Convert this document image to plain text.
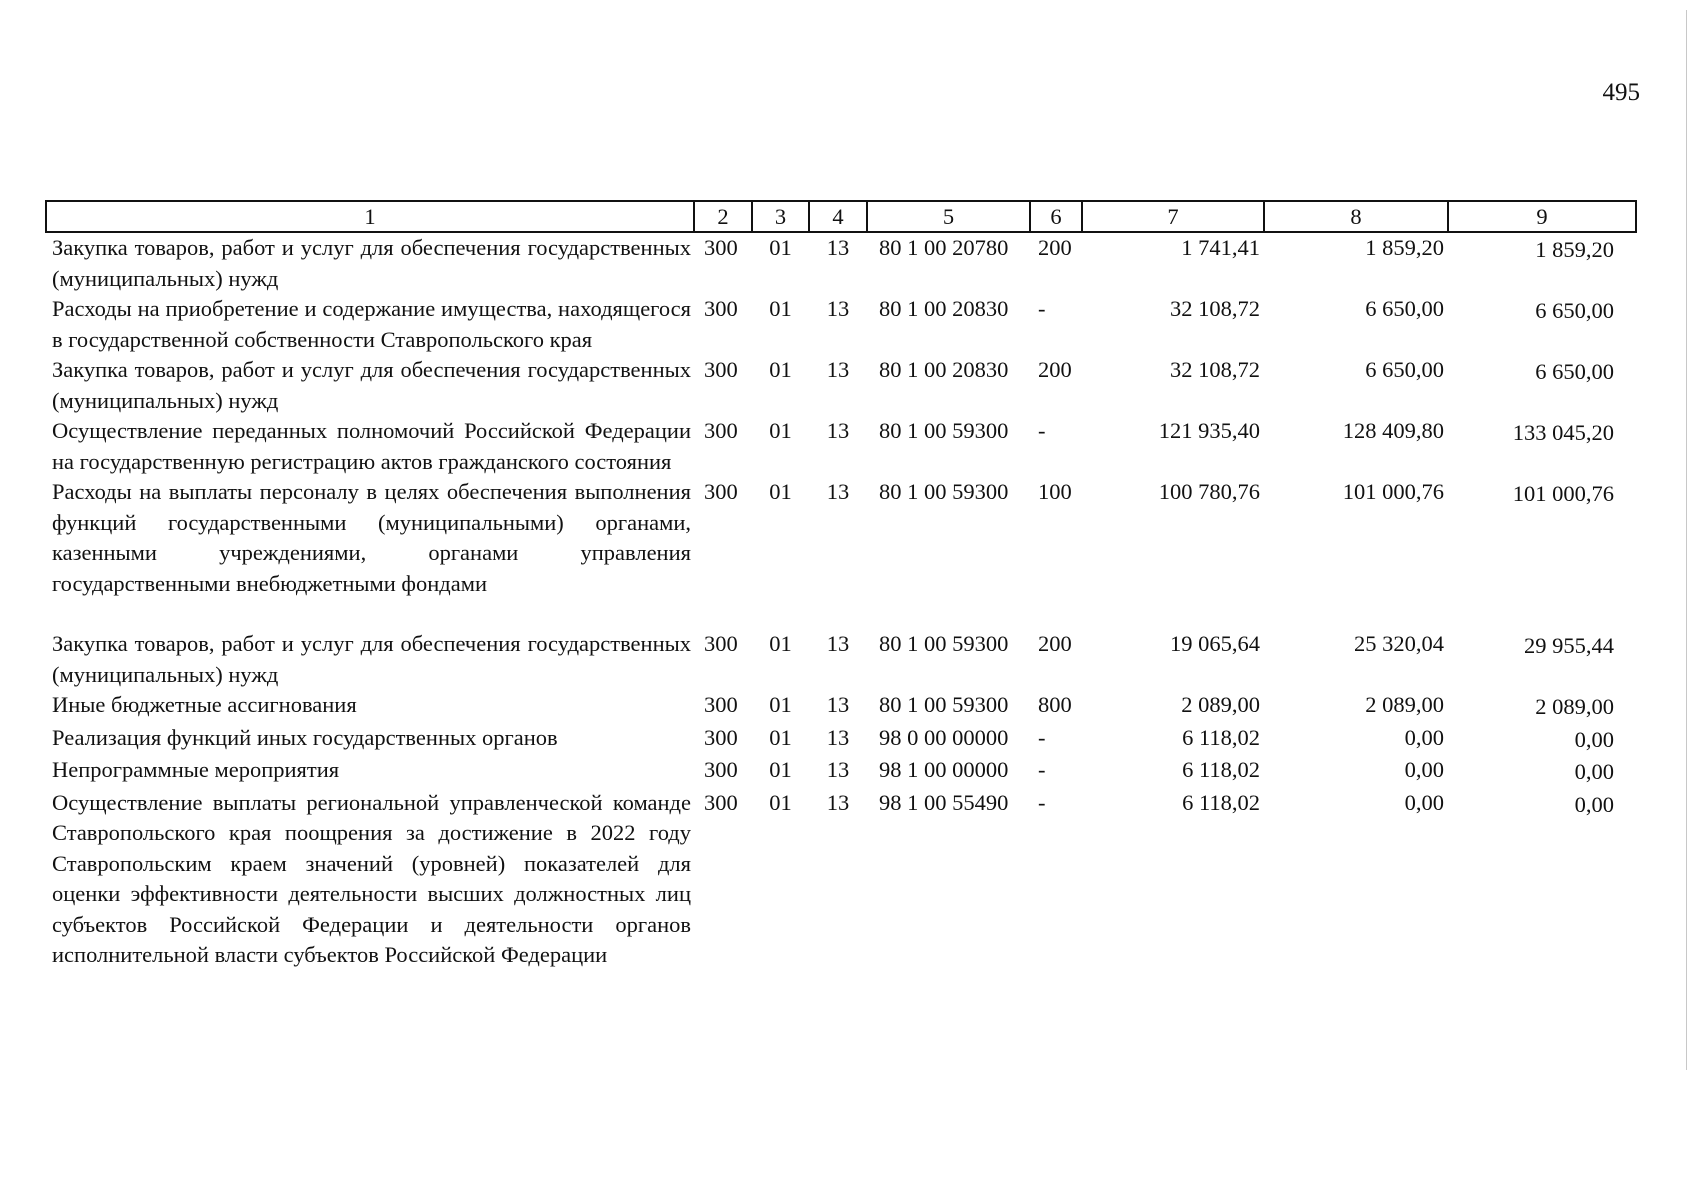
495
1	2	3	4	5	6	7	8	9
Закупка товаров, работ и услуг для обеспечения государственных (муниципальных) нужд	300	01	13	80 1 00 20780	200	1 741,41	1 859,20	1 859,20
Расходы на приобретение и содержание имущества, находящегося в государственной собственности Ставропольского края	300	01	13	80 1 00 20830	-	32 108,72	6 650,00	6 650,00
Закупка товаров, работ и услуг для обеспечения государственных (муниципальных) нужд	300	01	13	80 1 00 20830	200	32 108,72	6 650,00	6 650,00
Осуществление переданных полномочий Российской Федерации на государственную регистрацию актов гражданского состояния	300	01	13	80 1 00 59300	-	121 935,40	128 409,80	133 045,20
Расходы на выплаты персоналу в целях обеспечения выполнения функций государственными (муниципальными) органами, казенными учреждениями, органами управления государственными внебюджетными фондами	300	01	13	80 1 00 59300	100	100 780,76	101 000,76	101 000,76

Закупка товаров, работ и услуг для обеспечения государственных (муниципальных) нужд	300	01	13	80 1 00 59300	200	19 065,64	25 320,04	29 955,44
Иные бюджетные ассигнования	300	01	13	80 1 00 59300	800	2 089,00	2 089,00	2 089,00
Реализация функций иных государственных органов	300	01	13	98 0 00 00000	-	6 118,02	0,00	0,00
Непрограммные мероприятия	300	01	13	98 1 00 00000	-	6 118,02	0,00	0,00
Осуществление выплаты региональной управленческой команде Ставропольского края поощрения за достижение в 2022 году Ставропольским краем значений (уровней) показателей для оценки эффективности деятельности высших должностных лиц субъектов Российской Федерации и деятельности органов исполнительной власти субъектов Российской Федерации	300	01	13	98 1 00 55490	-	6 118,02	0,00	0,00
